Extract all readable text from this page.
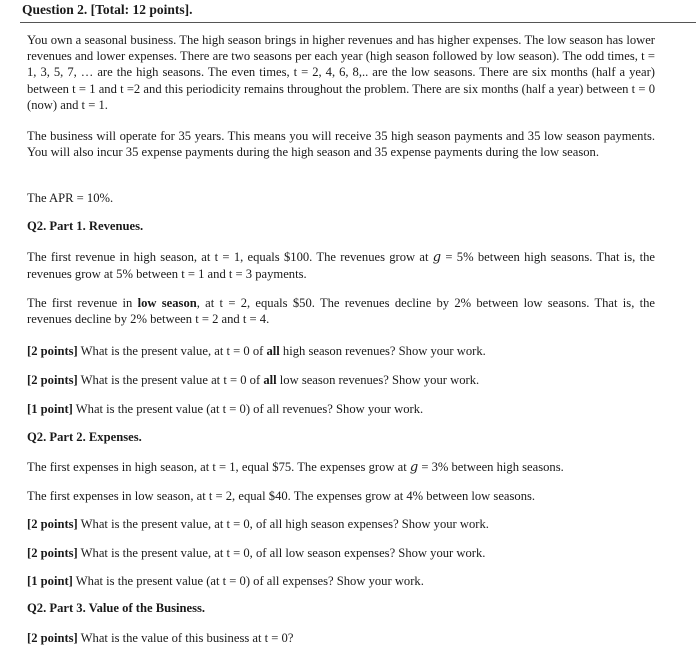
Question 2. [Total: 12 points].

You own a seasonal business. The high season brings in higher revenues and has higher expenses. The low season has lower revenues and lower expenses. There are two seasons per each year (high season followed by low season). The odd times, t = 1, 3, 5, 7, … are the high seasons. The even times, t = 2, 4, 6, 8,.. are the low seasons. There are six months (half a year) between t = 1 and t =2 and this periodicity remains throughout the problem. There are six months (half a year) between t = 0 (now) and t = 1.

The business will operate for 35 years. This means you will receive 35 high season payments and 35 low season payments. You will also incur 35 expense payments during the high season and 35 expense payments during the low season.

The APR = 10%.
Q2. Part 1. Revenues.

The first revenue in high season, at t = 1, equals $100. The revenues grow at g = 5% between high seasons. That is, the revenues grow at 5% between t = 1 and t = 3 payments.

The first revenue in low season, at t = 2, equals $50. The revenues decline by 2% between low seasons. That is, the revenues decline by 2% between t = 2 and t = 4.

[2 points] What is the present value, at t = 0 of all high season revenues? Show your work.
[2 points] What is the present value at t = 0 of all low season revenues? Show your work.
[1 point] What is the present value (at t = 0) of all revenues? Show your work.
Q2. Part 2. Expenses.
The first expenses in high season, at t = 1, equal $75. The expenses grow at g = 3% between high seasons.
The first expenses in low season, at t = 2, equal $40. The expenses grow at 4% between low seasons.
[2 points] What is the present value, at t = 0, of all high season expenses? Show your work.
[2 points] What is the present value, at t = 0, of all low season expenses? Show your work.
[1 point] What is the present value (at t = 0) of all expenses? Show your work.
Q2. Part 3. Value of the Business.
[2 points] What is the value of this business at t = 0?
